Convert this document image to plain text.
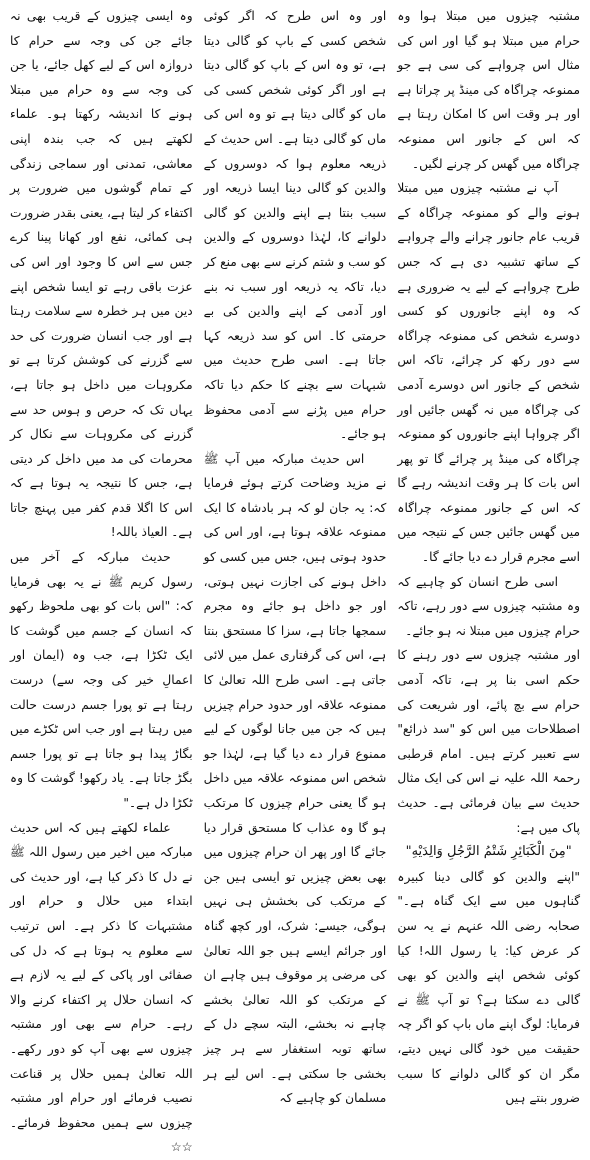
مشتبہ چیزوں میں مبتلا ہوا وہ حرام میں مبتلا ہو گیا اور اس کی مثال اس چرواہے کی سی ہے جو ممنوعہ چراگاہ کی مینڈ پر چراتا ہے اور ہر وقت اس کا امکان رہتا ہے کہ اس کے جانور اس ممنوعہ چراگاہ میں گھس کر چرنے لگیں۔

آپ نے مشتبہ چیزوں میں مبتلا ہونے والے کو ممنوعہ چراگاہ کے قریب عام جانور چرانے والے چرواہے کے ساتھ تشبیہ دی ہے کہ جس طرح چرواہے کے لیے یہ ضروری ہے کہ وہ اپنے جانوروں کو کسی دوسرے شخص کی ممنوعہ چراگاہ سے دور رکھ کر چرائے، تاکہ اس شخص کے جانور اس دوسرے آدمی کی چراگاہ میں نہ گھس جائیں اور اگر چرواہا اپنے جانوروں کو ممنوعہ چراگاہ کی مینڈ پر چرائے گا تو پھر اس بات کا ہر وقت اندیشہ رہے گا کہ اس کے جانور ممنوعہ چراگاہ میں گھس جائیں جس کے نتیجہ میں اسے مجرم قرار دے دیا جائے گا۔

اسی طرح انسان کو چاہیے کہ وہ مشتبہ چیزوں سے دور رہے، تاکہ حرام چیزوں میں مبتلا نہ ہو جائے۔

اور مشتبہ چیزوں سے دور رہنے کا حکم اسی بنا پر ہے، تاکہ آدمی حرام سے بچ پائے، اور شریعت کی اصطلاحات میں اس کو "سد ذرائع" سے تعبیر کرتے ہیں۔ امام قرطبی رحمۃ اللہ علیہ نے اس کی ایک مثال حدیث سے بیان فرمائی ہے۔ حدیث پاک میں ہے:

"مِنَ الْكَبَائِرِ شَتْمُ الرَّجُلِ وَالِدَيْهِ"

"اپنے والدین کو گالی دینا کبیرہ گناہوں میں سے ایک گناہ ہے۔" صحابہ رضی اللہ عنہم نے یہ سن کر عرض کیا: یا رسول اللہ! کیا کوئی شخص اپنے والدین کو بھی گالی دے سکتا ہے؟ تو آپ ﷺ نے فرمایا: لوگ اپنے ماں باپ کو اگر چہ حقیقت میں خود گالی نہیں دیتے، مگر ان کو گالی دلوانے کا سبب ضرور بنتے ہیں

اور وہ اس طرح کہ اگر کوئی شخص کسی کے باپ کو گالی دیتا ہے، تو وہ اس کے باپ کو گالی دیتا ہے اور اگر کوئی شخص کسی کی ماں کو گالی دیتا ہے تو وہ اس کی ماں کو گالی دیتا ہے۔ اس حدیث کے ذریعہ معلوم ہوا کہ دوسروں کے والدین کو گالی دینا ایسا ذریعہ اور سبب بنتا ہے اپنے والدین کو گالی دلوانے کا، لہٰذا دوسروں کے والدین کو سب و شتم کرنے سے بھی منع کر دیا، تاکہ یہ ذریعہ اور سبب نہ بنے اور آدمی کے اپنے والدین کی بے حرمتی کا۔ اس کو سد ذریعہ کہا جاتا ہے۔ اسی طرح حدیث میں شبہات سے بچنے کا حکم دیا تاکہ حرام میں پڑنے سے آدمی محفوظ ہو جائے۔

اس حدیث مبارکہ میں آپ ﷺ نے مزید وضاحت کرتے ہوئے فرمایا کہ: یہ جان لو کہ ہر بادشاہ کا ایک ممنوعہ علاقہ ہوتا ہے، اور اس کی حدود ہوتی ہیں، جس میں کسی کو داخل ہونے کی اجازت نہیں ہوتی، اور جو داخل ہو جائے وہ مجرم سمجھا جاتا ہے، سزا کا مستحق بنتا ہے، اس کی گرفتاری عمل میں لائی جاتی ہے۔ اسی طرح اللہ تعالیٰ کا ممنوعہ علاقہ اور حدود حرام چیزیں ہیں کہ جن میں جانا لوگوں کے لیے ممنوع قرار دے دیا گیا ہے، لہٰذا جو شخص اس ممنوعہ علاقہ میں داخل ہو گا یعنی حرام چیزوں کا مرتکب ہو گا وہ عذاب کا مستحق قرار دیا جائے گا اور پھر ان حرام چیزوں میں بھی بعض چیزیں تو ایسی ہیں جن کے مرتکب کی بخشش ہی نہیں ہوگی، جیسے: شرک، اور کچھ گناہ اور جرائم ایسے ہیں جو اللہ تعالیٰ کی مرضی پر موقوف ہیں چاہے ان کے مرتکب کو اللہ تعالیٰ بخشے چاہے نہ بخشے، البتہ سچے دل کے ساتھ توبہ استغفار سے ہر چیز بخشی جا سکتی ہے۔ اس لیے ہر مسلمان کو چاہیے کہ

وہ ایسی چیزوں کے قریب بھی نہ جائے جن کی وجہ سے حرام کا دروازہ اس کے لیے کھل جائے، یا جن کی وجہ سے وہ حرام میں مبتلا ہونے کا اندیشہ رکھتا ہو۔ علماء لکھتے ہیں کہ جب بندہ اپنی معاشی، تمدنی اور سماجی زندگی کے تمام گوشوں میں ضرورت پر اکتفاء کر لیتا ہے، یعنی بقدر ضرورت ہی کمائی، نفع اور کھانا پینا کرے جس سے اس کا وجود اور اس کی عزت باقی رہے تو ایسا شخص اپنے دین میں ہر خطرہ سے سلامت رہتا ہے اور جب انسان ضرورت کی حد سے گزرنے کی کوشش کرتا ہے تو مکروہات میں داخل ہو جاتا ہے، یہاں تک کہ حرص و ہوس حد سے گزرنے کی مکروہات سے نکال کر محرمات کی مد میں داخل کر دیتی ہے، جس کا نتیجہ یہ ہوتا ہے کہ اس کا اگلا قدم کفر میں پہنچ جاتا ہے۔ العیاذ باللہ!

حدیث مبارکہ کے آخر میں رسول کریم ﷺ نے یہ بھی فرمایا کہ: "اس بات کو بھی ملحوظ رکھو کہ انسان کے جسم میں گوشت کا ایک ٹکڑا ہے، جب وہ (ایمان اور اعمالِ خیر کی وجہ سے) درست رہتا ہے تو پورا جسم درست حالت میں رہتا ہے اور جب اس ٹکڑے میں بگاڑ پیدا ہو جاتا ہے تو پورا جسم بگڑ جاتا ہے۔ یاد رکھو! گوشت کا وہ ٹکڑا دل ہے۔"

علماء لکھتے ہیں کہ اس حدیث مبارکہ میں اخیر میں رسول اللہ ﷺ نے دل کا ذکر کیا ہے، اور حدیث کی ابتداء میں حلال و حرام اور مشتبہات کا ذکر ہے۔ اس ترتیب سے معلوم یہ ہوتا ہے کہ دل کی صفائی اور پاکی کے لیے یہ لازم ہے کہ انسان حلال پر اکتفاء کرنے والا رہے۔ حرام سے بھی اور مشتبہ چیزوں سے بھی آپ کو دور رکھے۔ اللہ تعالیٰ ہمیں حلال پر قناعت نصیب فرمائے اور حرام اور مشتبہ چیزوں سے ہمیں محفوظ فرمائے۔ ☆☆
